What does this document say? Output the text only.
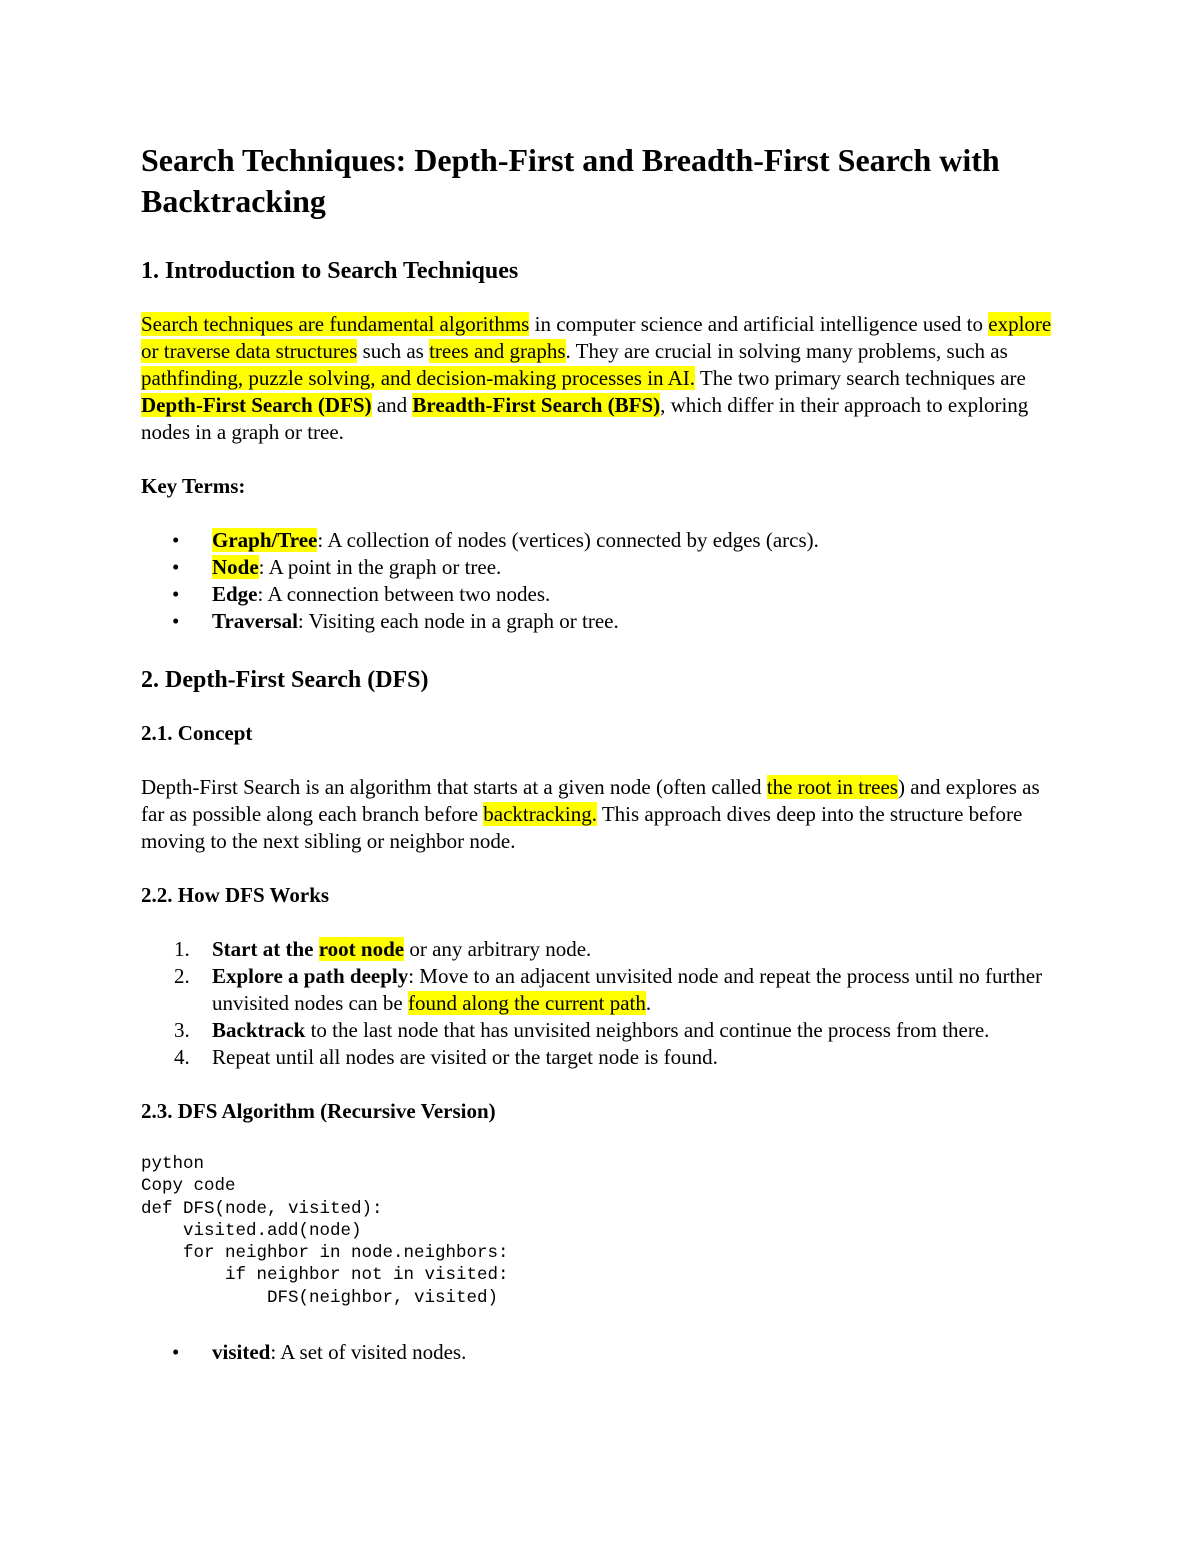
Search Techniques: Depth-First and Breadth-First Search with Backtracking
1. Introduction to Search Techniques

Search techniques are fundamental algorithms in computer science and artificial intelligence used to explore or traverse data structures such as trees and graphs. They are crucial in solving many problems, such as pathfinding, puzzle solving, and decision-making processes in AI. The two primary search techniques are Depth-First Search (DFS) and Breadth-First Search (BFS), which differ in their approach to exploring nodes in a graph or tree.

Key Terms:

• Graph/Tree: A collection of nodes (vertices) connected by edges (arcs).
• Node: A point in the graph or tree.
• Edge: A connection between two nodes.
• Traversal: Visiting each node in a graph or tree.
2. Depth-First Search (DFS)
2.1. Concept

Depth-First Search is an algorithm that starts at a given node (often called the root in trees) and explores as far as possible along each branch before backtracking. This approach dives deep into the structure before moving to the next sibling or neighbor node.

2.2. How DFS Works
1. Start at the root node or any arbitrary node.
2. Explore a path deeply: Move to an adjacent unvisited node and repeat the process until no further unvisited nodes can be found along the current path.
3. Backtrack to the last node that has unvisited neighbors and continue the process from there.
4. Repeat until all nodes are visited or the target node is found.
2.3. DFS Algorithm (Recursive Version)
python
Copy code
def DFS(node, visited):
visited.add(node)
for neighbor in node.neighbors:
if neighbor not in visited:
DFS(neighbor, visited)
• visited: A set of visited nodes.
